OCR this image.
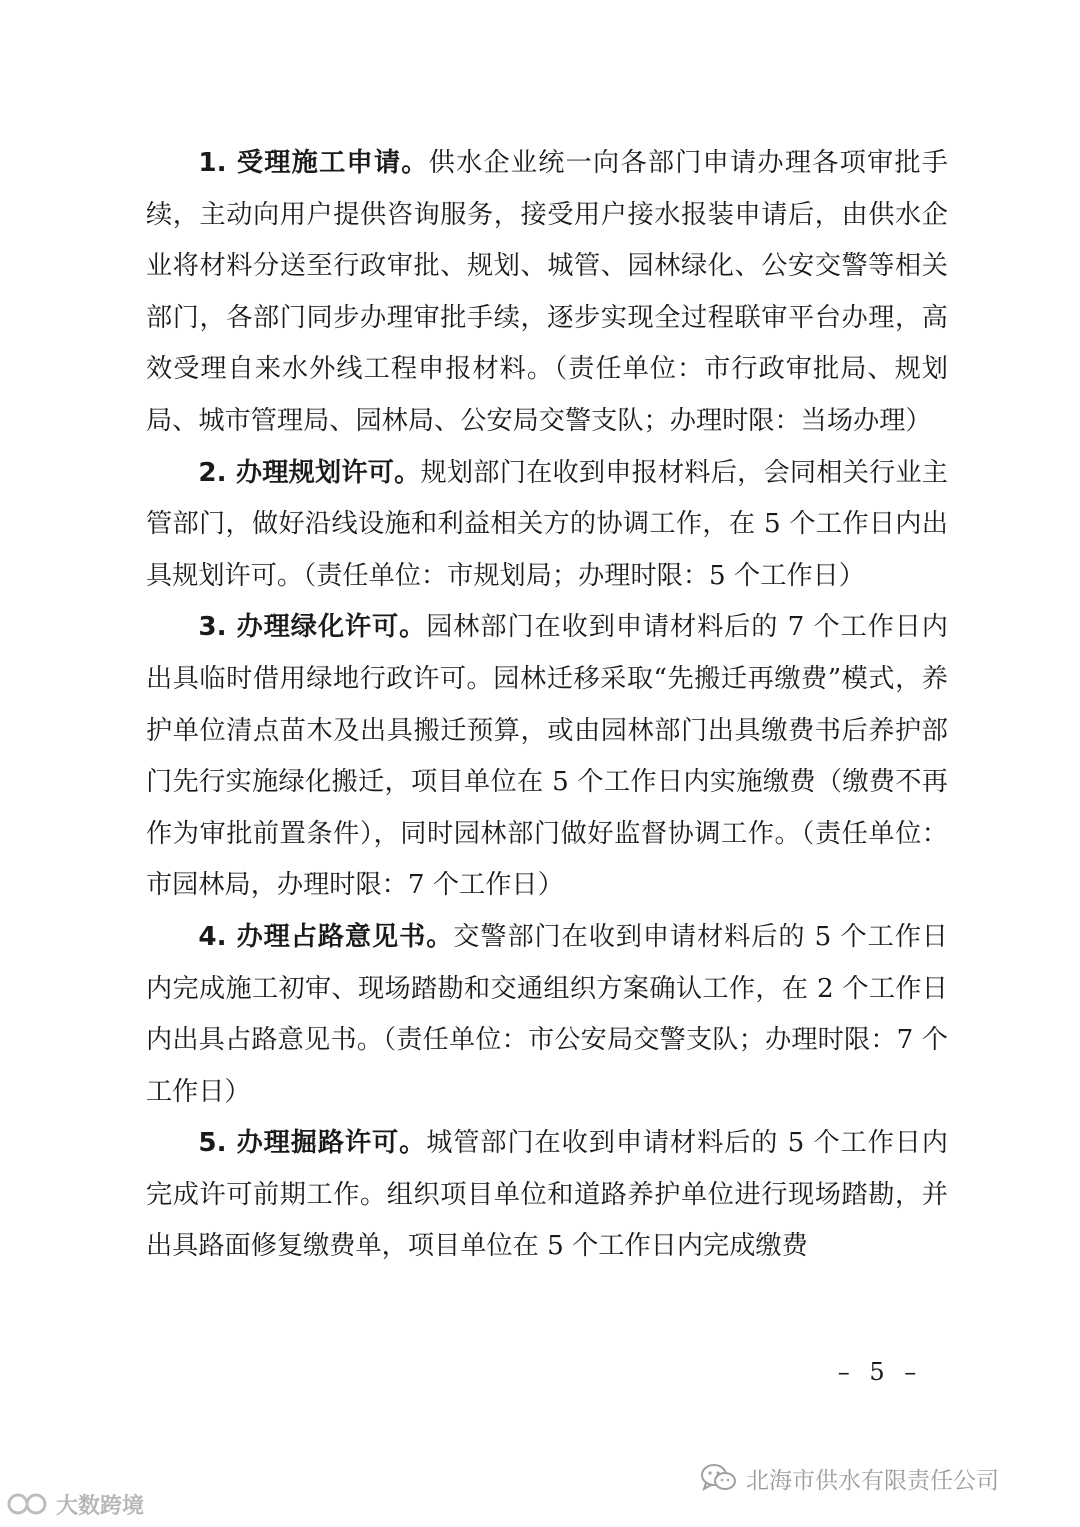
1. 受理施工申请。供水企业统一向各部门申请办理各项审批手续，主动向用户提供咨询服务，接受用户接水报装申请后，由供水企业将材料分送至行政审批、规划、城管、园林绿化、公安交警等相关部门，各部门同步办理审批手续，逐步实现全过程联审平台办理，高效受理自来水外线工程申报材料。（责任单位：市行政审批局、规划局、城市管理局、园林局、公安局交警支队；办理时限：当场办理）

2. 办理规划许可。规划部门在收到申报材料后，会同相关行业主管部门，做好沿线设施和利益相关方的协调工作，在 5 个工作日内出具规划许可。（责任单位：市规划局；办理时限：5 个工作日）

3. 办理绿化许可。园林部门在收到申请材料后的 7 个工作日内出具临时借用绿地行政许可。园林迁移采取“先搬迁再缴费”模式，养护单位清点苗木及出具搬迁预算，或由园林部门出具缴费书后养护部门先行实施绿化搬迁，项目单位在 5 个工作日内实施缴费（缴费不再作为审批前置条件），同时园林部门做好监督协调工作。（责任单位：市园林局，办理时限：7 个工作日）

4. 办理占路意见书。交警部门在收到申请材料后的 5 个工作日内完成施工初审、现场踏勘和交通组织方案确认工作，在 2 个工作日内出具占路意见书。（责任单位：市公安局交警支队；办理时限：7 个工作日）

5. 办理掘路许可。城管部门在收到申请材料后的 5 个工作日内完成许可前期工作。组织项目单位和道路养护单位进行现场踏勘，并出具路面修复缴费单，项目单位在 5 个工作日内完成缴费

– 5 –
北海市供水有限责任公司
大数跨境
